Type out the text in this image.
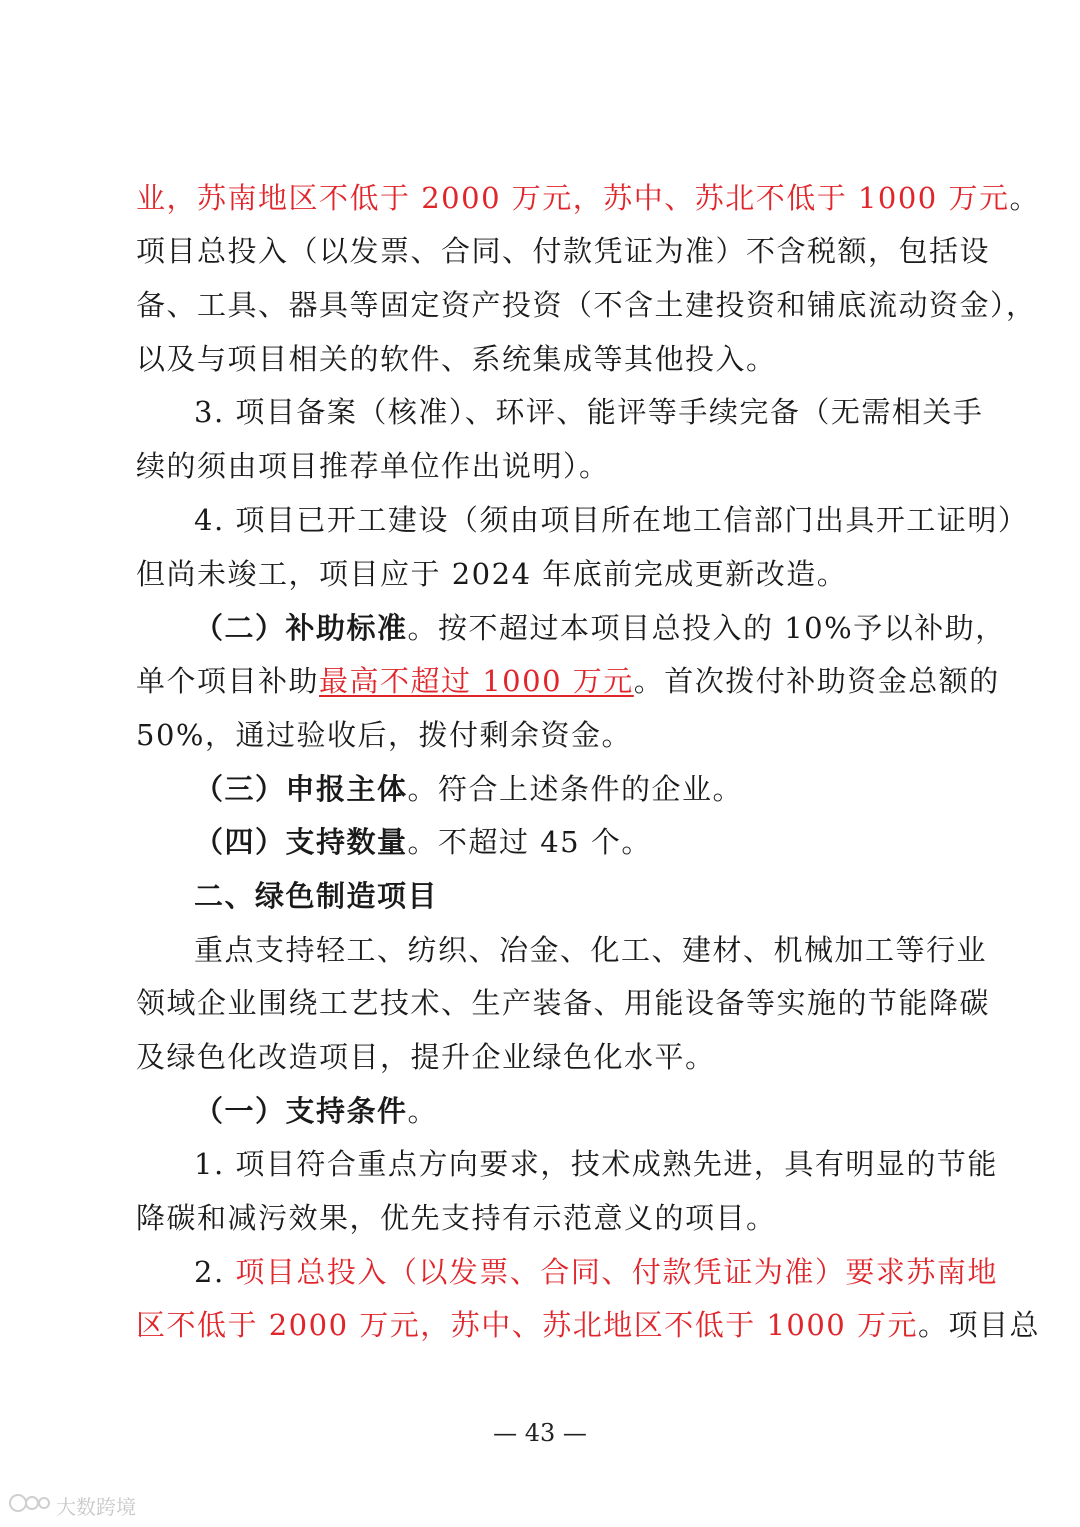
业，苏南地区不低于 2000 万元，苏中、苏北不低于 1000 万元。
项目总投入（以发票、合同、付款凭证为准）不含税额，包括设
备、工具、器具等固定资产投资（不含土建投资和铺底流动资金），
以及与项目相关的软件、系统集成等其他投入。
3. 项目备案（核准）、环评、能评等手续完备（无需相关手
续的须由项目推荐单位作出说明）。
4. 项目已开工建设（须由项目所在地工信部门出具开工证明）
但尚未竣工，项目应于 2024 年底前完成更新改造。
（二）补助标准。按不超过本项目总投入的 10%予以补助，
单个项目补助最高不超过 1000 万元。首次拨付补助资金总额的
50%，通过验收后，拨付剩余资金。
（三）申报主体。符合上述条件的企业。
（四）支持数量。不超过 45 个。
二、绿色制造项目
重点支持轻工、纺织、冶金、化工、建材、机械加工等行业
领域企业围绕工艺技术、生产装备、用能设备等实施的节能降碳
及绿色化改造项目，提升企业绿色化水平。
（一）支持条件。
1. 项目符合重点方向要求，技术成熟先进，具有明显的节能
降碳和减污效果，优先支持有示范意义的项目。
2. 项目总投入（以发票、合同、付款凭证为准）要求苏南地
区不低于 2000 万元，苏中、苏北地区不低于 1000 万元。项目总
— 43 —
大数跨境
